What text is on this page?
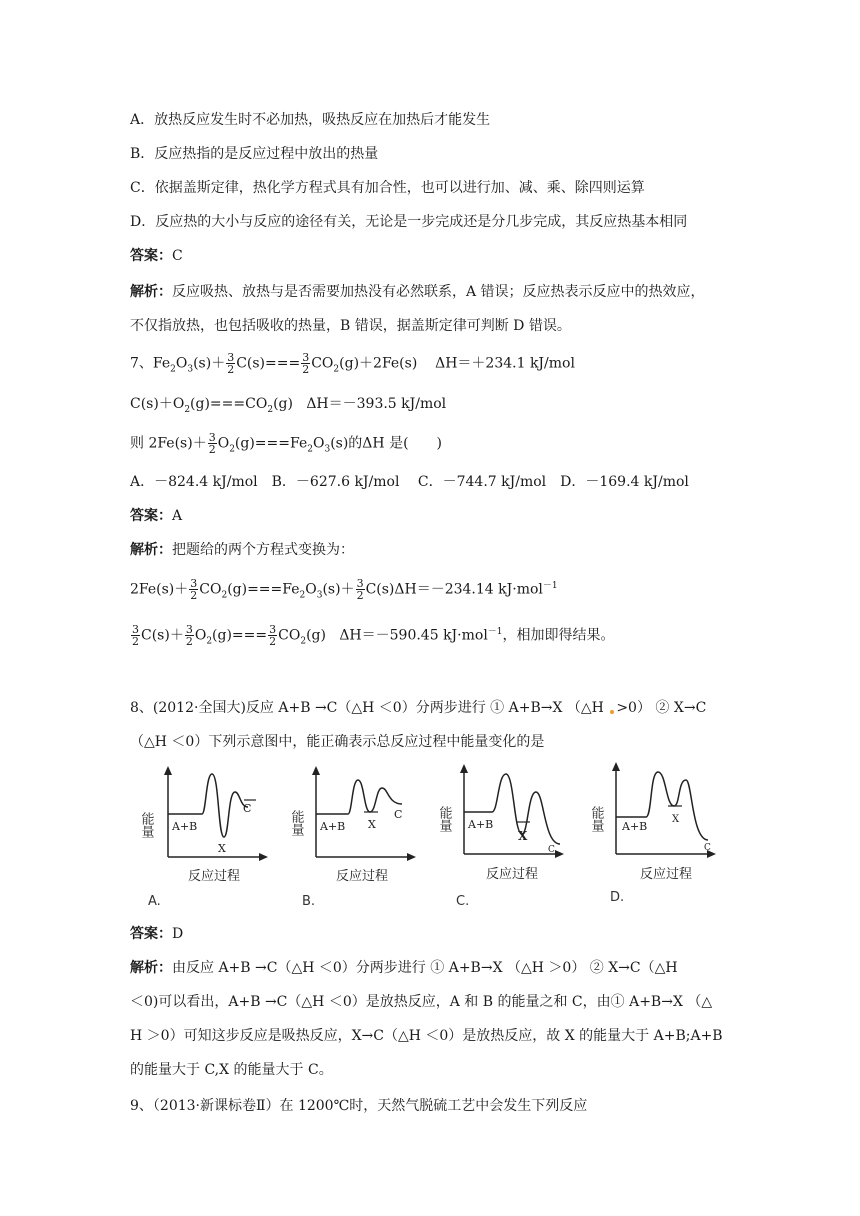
A．放热反应发生时不必加热，吸热反应在加热后才能发生
B．反应热指的是反应过程中放出的热量
C．依据盖斯定律，热化学方程式具有加合性，也可以进行加、减、乘、除四则运算
D．反应热的大小与反应的途径有关，无论是一步完成还是分几步完成，其反应热基本相同
答案：C
解析：反应吸热、放热与是否需要加热没有必然联系，A 错误；反应热表示反应中的热效应，
不仅指放热，也包括吸收的热量，B 错误，据盖斯定律可判断 D 错误。
7、$Fe_2O_3(s)+ \frac{3}{2} C(s)=== \frac{3}{2} CO_2(g)+2Fe(s)$    ΔH＝＋234.1 kJ/mol
$C(s)+O_2(g)===CO_2(g)$   ΔH＝－393.5 kJ/mol
则 $2Fe(s)+ \frac{3}{2} O_2(g)===Fe_2O_3(s)$的ΔH 是(　　)
A．－824.4 kJ/mol　B．－627.6 kJ/mol　 C．－744.7 kJ/mol　D．－169.4 kJ/mol
答案：A
解析：把题给的两个方程式变换为：
$2Fe(s)+ \frac{3}{2} CO_2(g)===Fe_2O_3(s)+ \frac{3}{2} C(s)\Delta H=-234.14$ kJ·mol$^{-1}$
$\frac{3}{2} C(s)+ \frac{3}{2} O_2(g)=== \frac{3}{2} CO_2(g)$   ΔH＝－590.45 kJ·mol$^{-1}$，相加即得结果。
8、(2012·全国大)反应 A+B →C（△H ＜0）分两步进行 ① A+B→X （△H >0） ② X→C
（△H ＜0）下列示意图中，能正确表示总反应过程中能量变化的是
能量 A+B
X
C
反应过程
A.
能量 A+B X
C
反应过程
B.
能量 A+B
X
C
反应过程
C.
能量 A+B
X
C
反应过程
D.
答案：D
解析：由反应 A+B →C（△H ＜0）分两步进行 ① A+B→X （△H ＞0） ② X→C（△H
＜0)可以看出，A+B →C（△H ＜0）是放热反应，A 和 B 的能量之和 C，由① A+B→X （△
H ＞0）可知这步反应是吸热反应，X→C（△H ＜0）是放热反应，故 X 的能量大于 A+B;A+B
的能量大于 C,X 的能量大于 C。
9、（2013·新课标卷Ⅱ）在 1200℃时，天然气脱硫工艺中会发生下列反应
